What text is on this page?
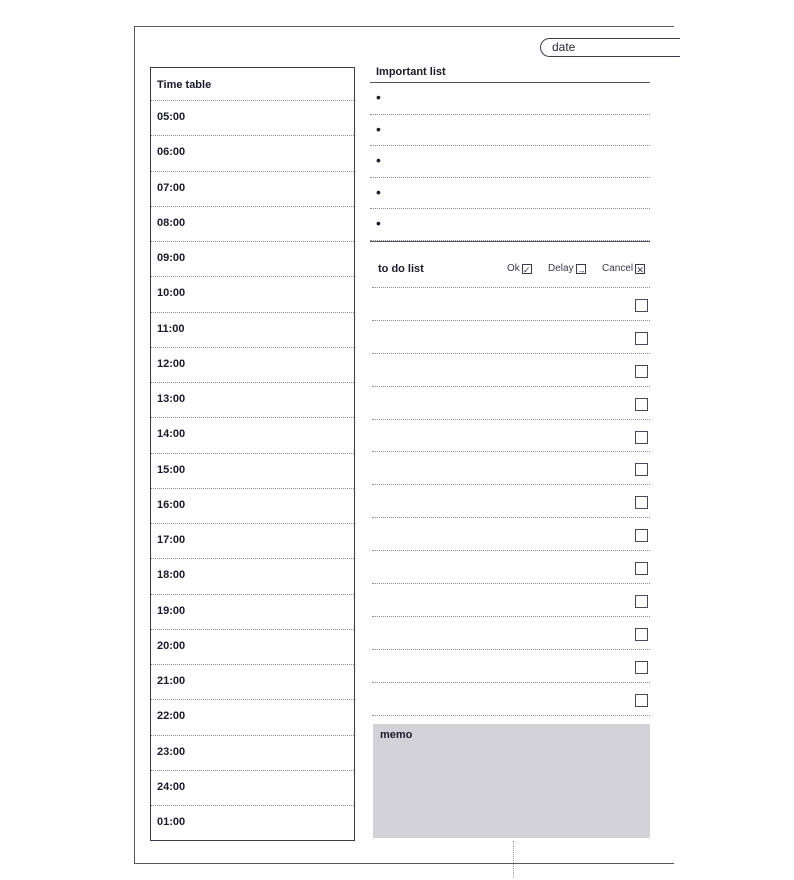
date
Time table
05:00
06:00
07:00
08:00
09:00
10:00
11:00
12:00
13:00
14:00
15:00
16:00
17:00
18:00
19:00
20:00
21:00
22:00
23:00
24:00
01:00
Important list
•
•
•
•
•
to do list	Ok ✓ Delay → Cancel ✕
memo
